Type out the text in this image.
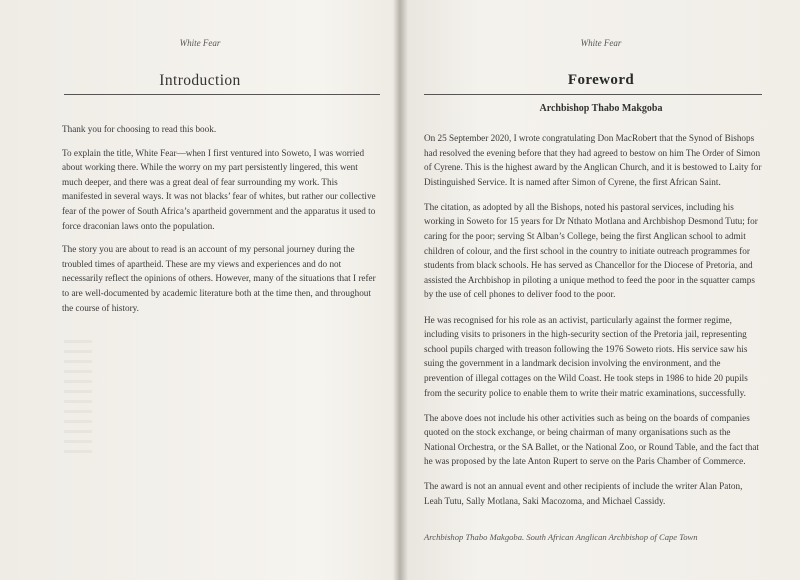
White Fear
Introduction

Thank you for choosing to read this book.

To explain the title, White Fear—when I first ventured into Soweto, I was worried about working there. While the worry on my part persistently lingered, this went much deeper, and there was a great deal of fear surrounding my work. This manifested in several ways. It was not blacks’ fear of whites, but rather our collective fear of the power of South Africa’s apartheid government and the apparatus it used to force draconian laws onto the population.

The story you are about to read is an account of my personal journey during the troubled times of apartheid. These are my views and experiences and do not necessarily reflect the opinions of others. However, many of the situations that I refer to are well-documented by academic literature both at the time then, and throughout the course of history.

White Fear
Foreword
Archbishop Thabo Makgoba

On 25 September 2020, I wrote congratulating Don MacRobert that the Synod of Bishops had resolved the evening before that they had agreed to bestow on him The Order of Simon of Cyrene. This is the highest award by the Anglican Church, and it is bestowed to Laity for Distinguished Service. It is named after Simon of Cyrene, the first African Saint.

The citation, as adopted by all the Bishops, noted his pastoral services, including his working in Soweto for 15 years for Dr Nthato Motlana and Archbishop Desmond Tutu; for caring for the poor; serving St Alban’s College, being the first Anglican school to admit children of colour, and the first school in the country to initiate outreach programmes for students from black schools. He has served as Chancellor for the Diocese of Pretoria, and assisted the Archbishop in piloting a unique method to feed the poor in the squatter camps by the use of cell phones to deliver food to the poor.

He was recognised for his role as an activist, particularly against the former regime, including visits to prisoners in the high-security section of the Pretoria jail, representing school pupils charged with treason following the 1976 Soweto riots. His service saw his suing the government in a landmark decision involving the environment, and the prevention of illegal cottages on the Wild Coast. He took steps in 1986 to hide 20 pupils from the security police to enable them to write their matric examinations, successfully.

The above does not include his other activities such as being on the boards of companies quoted on the stock exchange, or being chairman of many organisations such as the National Orchestra, or the SA Ballet, or the National Zoo, or Round Table, and the fact that he was proposed by the late Anton Rupert to serve on the Paris Chamber of Commerce.

The award is not an annual event and other recipients of include the writer Alan Paton, Leah Tutu, Sally Motlana, Saki Macozoma, and Michael Cassidy.

Archbishop Thabo Makgoba. South African Anglican Archbishop of Cape Town
